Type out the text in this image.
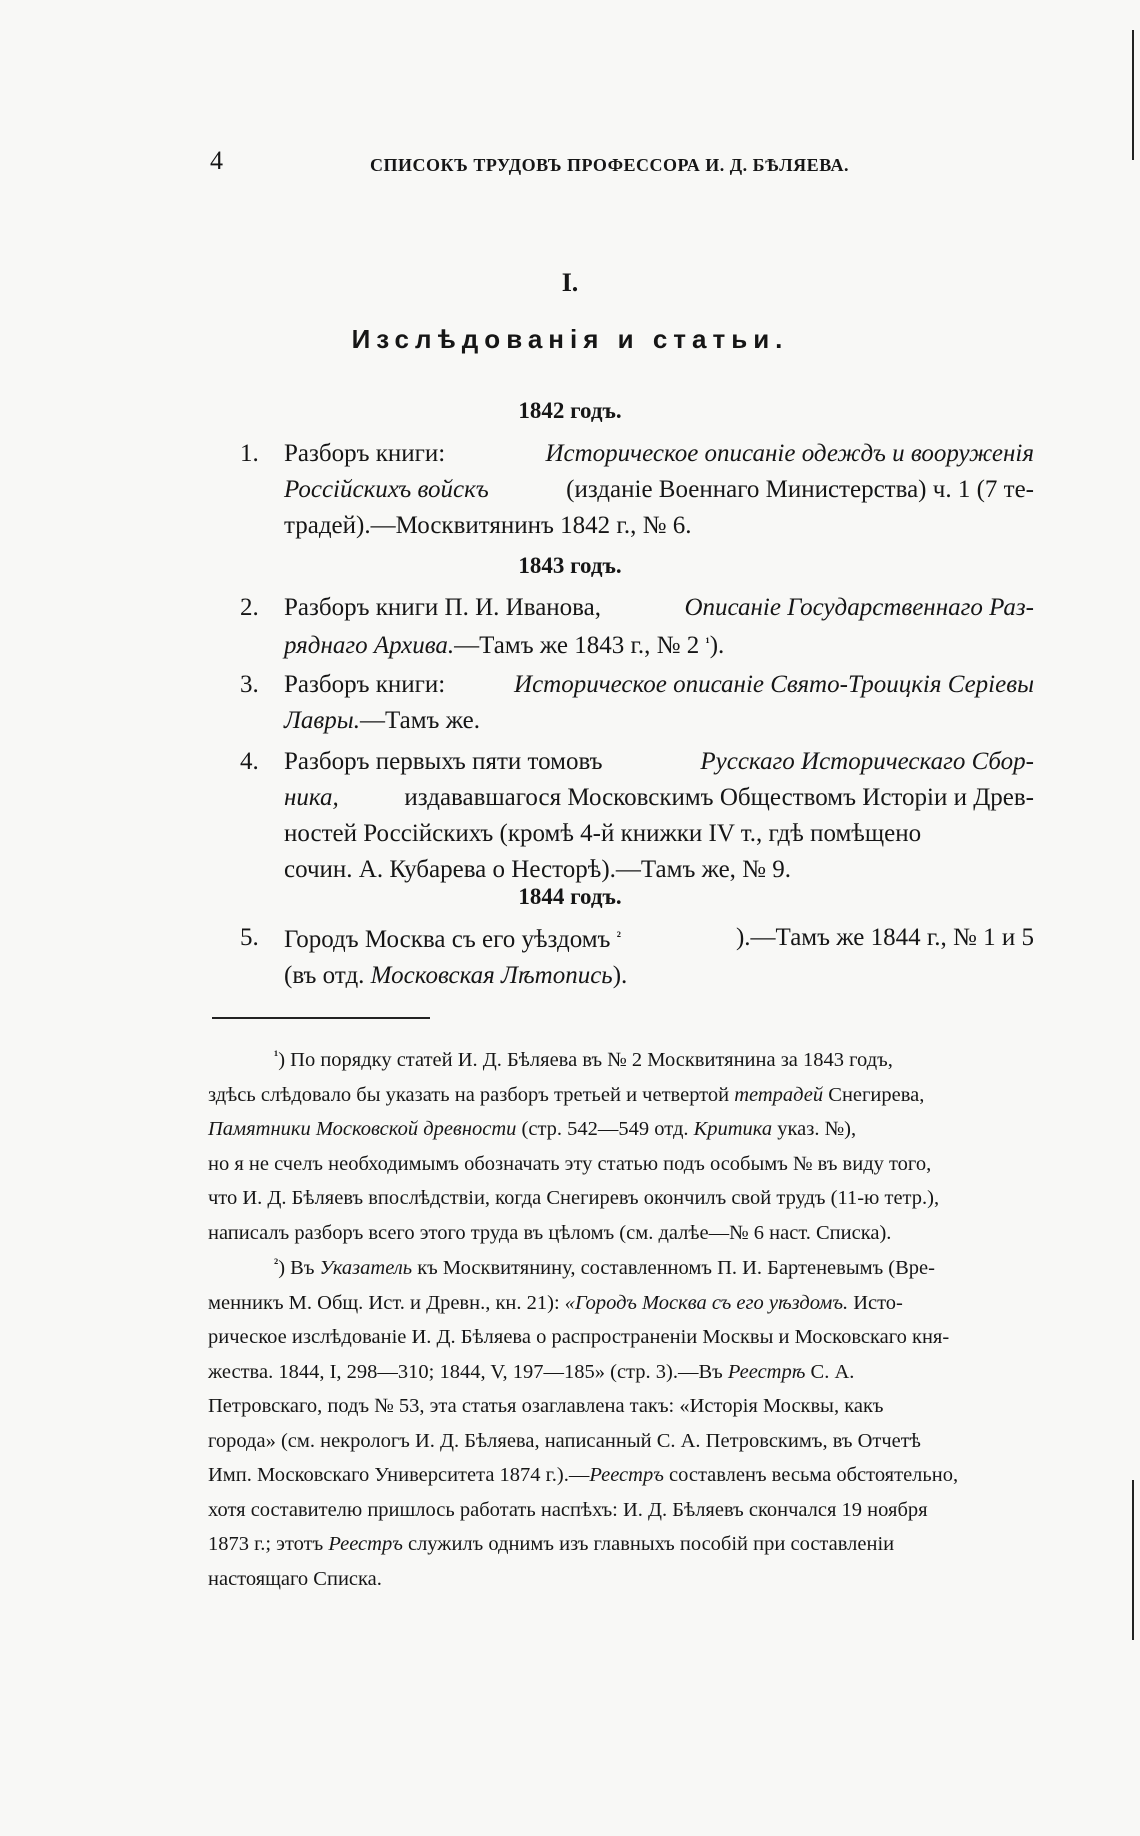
4	СПИСОКЪ ТРУДОВЪ ПРОФЕССОРА И. Д. БѢЛЯЕВА.
I.
Изслѣдованія и статьи.
1842 годъ.
1.	Разборъ книги:	Историческое описаніе одеждъ и вооруженія
Россійскихъ войскъ	(изданіе Военнаго Министерства) ч. 1 (7 те-
традей).—Москвитянинъ 1842 г., № 6.
1843 годъ.
2.	Разборъ книги П. И. Иванова,	Описаніе Государственнаго Раз-
ряднаго Архива.—Тамъ же 1843 г., № 2 $^{^1}$).
3.	Разборъ книги:	Историческое описаніе Свято-Троицкія Серіевы
Лавры.—Тамъ же.
4.	Разборъ первыхъ пяти томовъ	Русскаго Историческаго Сбор-
ника,	издававшагося Московскимъ Обществомъ Исторіи и Древ-
ностей Россійскихъ (кромѣ 4-й книжки IV т., гдѣ помѣщено
сочин. А. Кубарева о Несторѣ).—Тамъ же, № 9.
1844 годъ.
5.	Городъ Москва съ его уѣздомъ $^{^2}$	).—Тамъ же 1844 г., № 1 и 5
(въ отд. Московская Лѣтопись).
$^{^1}$) По порядку статей И. Д. Бѣляева въ № 2 Москвитянина за 1843 годъ,
здѣсь слѣдовало бы указать на разборъ третьей и четвертой тетрадей Снегирева,
Памятники Московской древности (стр. 542—549 отд. Критика указ. №),
но я не счелъ необходимымъ обозначать эту статью подъ особымъ № въ виду того,
что И. Д. Бѣляевъ впослѣдствіи, когда Снегиревъ окончилъ свой трудъ (11-ю тетр.),
написалъ разборъ всего этого труда въ цѣломъ (см. далѣе—№ 6 наст. Списка).
$^{^2}$) Въ Указатель къ Москвитянину, составленномъ П. И. Бартеневымъ (Вре-
менникъ М. Общ. Ист. и Древн., кн. 21): «Городъ Москва съ его уѣздомъ. Исто-
рическое изслѣдованіе И. Д. Бѣляева о распространеніи Москвы и Московскаго кня-
жества. 1844, I, 298—310; 1844, V, 197—185» (стр. 3).—Въ Реестрѣ С. А.
Петровскаго, подъ № 53, эта статья озаглавлена такъ: «Исторія Москвы, какъ
города» (см. некрологъ И. Д. Бѣляева, написанный С. А. Петровскимъ, въ Отчетѣ
Имп. Московскаго Университета 1874 г.).—Реестръ составленъ весьма обстоятельно,
хотя составителю пришлось работать наспѣхъ: И. Д. Бѣляевъ скончался 19 ноября
1873 г.; этотъ Реестръ служилъ однимъ изъ главныхъ пособій при составленіи
настоящаго Списка.
